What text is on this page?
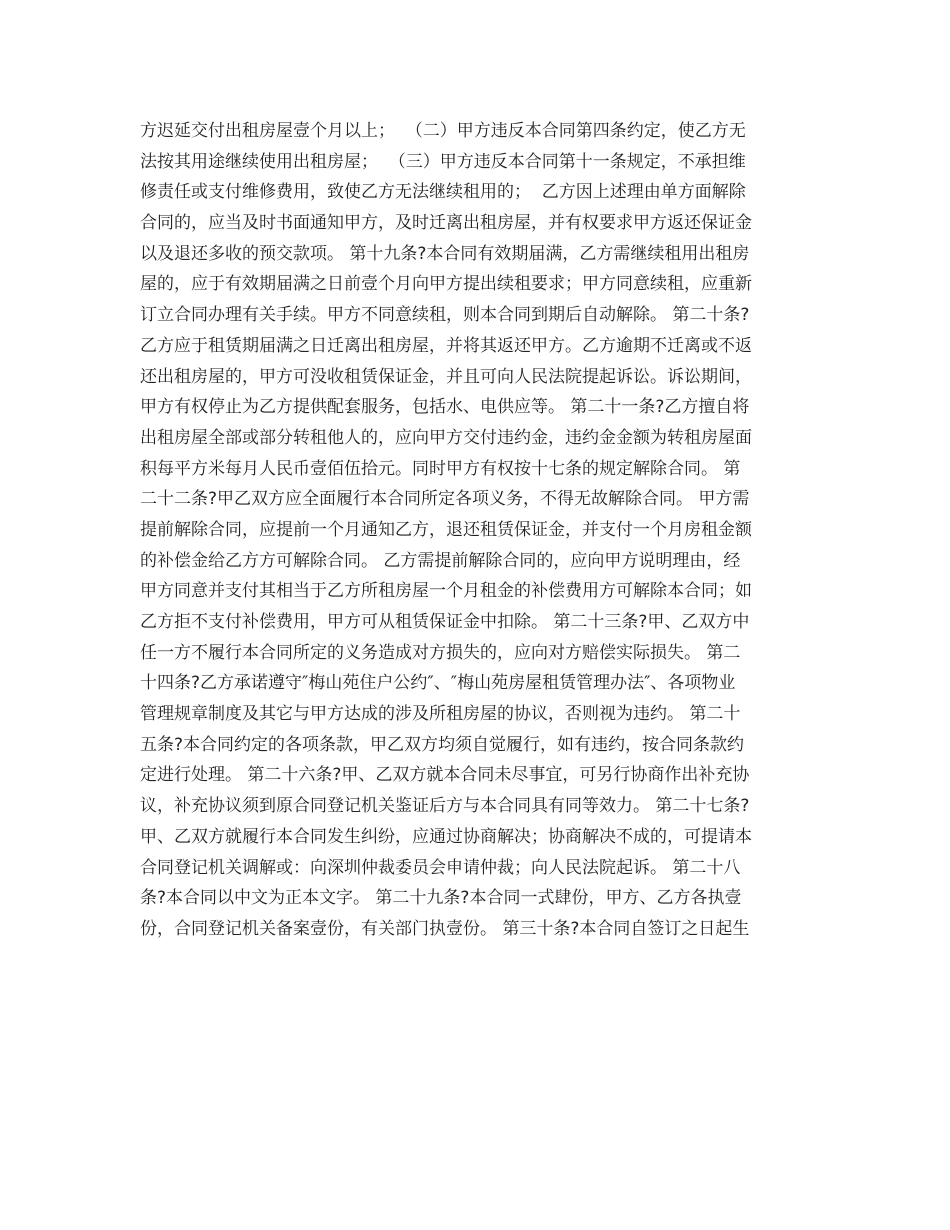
方迟延交付出租房屋壹个月以上；  （二）甲方违反本合同第四条约定，使乙方无
法按其用途继续使用出租房屋；  （三）甲方违反本合同第十一条规定，不承担维
修责任或支付维修费用，致使乙方无法继续租用的；  乙方因上述理由单方面解除
合同的，应当及时书面通知甲方，及时迁离出租房屋，并有权要求甲方返还保证金
以及退还多收的预交款项。 第十九条?本合同有效期届满，乙方需继续租用出租房
屋的，应于有效期届满之日前壹个月向甲方提出续租要求；甲方同意续租，应重新
订立合同办理有关手续。甲方不同意续租，则本合同到期后自动解除。 第二十条?
乙方应于租赁期届满之日迁离出租房屋，并将其返还甲方。乙方逾期不迁离或不返
还出租房屋的，甲方可没收租赁保证金，并且可向人民法院提起诉讼。诉讼期间，
甲方有权停止为乙方提供配套服务，包括水、电供应等。 第二十一条?乙方擅自将
出租房屋全部或部分转租他人的，应向甲方交付违约金，违约金金额为转租房屋面
积每平方米每月人民币壹佰伍拾元。同时甲方有权按十七条的规定解除合同。 第
二十二条?甲乙双方应全面履行本合同所定各项义务，不得无故解除合同。 甲方需
提前解除合同，应提前一个月通知乙方，退还租赁保证金，并支付一个月房租金额
的补偿金给乙方方可解除合同。 乙方需提前解除合同的，应向甲方说明理由，经
甲方同意并支付其相当于乙方所租房屋一个月租金的补偿费用方可解除本合同；如
乙方拒不支付补偿费用，甲方可从租赁保证金中扣除。 第二十三条?甲、乙双方中
任一方不履行本合同所定的义务造成对方损失的，应向对方赔偿实际损失。 第二
十四条?乙方承诺遵守″梅山苑住户公约″、″梅山苑房屋租赁管理办法″、各项物业
管理规章制度及其它与甲方达成的涉及所租房屋的协议，否则视为违约。 第二十
五条?本合同约定的各项条款，甲乙双方均须自觉履行，如有违约，按合同条款约
定进行处理。 第二十六条?甲、乙双方就本合同未尽事宜，可另行协商作出补充协
议，补充协议须到原合同登记机关鉴证后方与本合同具有同等效力。 第二十七条?
甲、乙双方就履行本合同发生纠纷，应通过协商解决；协商解决不成的，可提请本
合同登记机关调解或：向深圳仲裁委员会申请仲裁；向人民法院起诉。 第二十八
条?本合同以中文为正本文字。 第二十九条?本合同一式肆份，甲方、乙方各执壹
份，合同登记机关备案壹份，有关部门执壹份。 第三十条?本合同自签订之日起生
